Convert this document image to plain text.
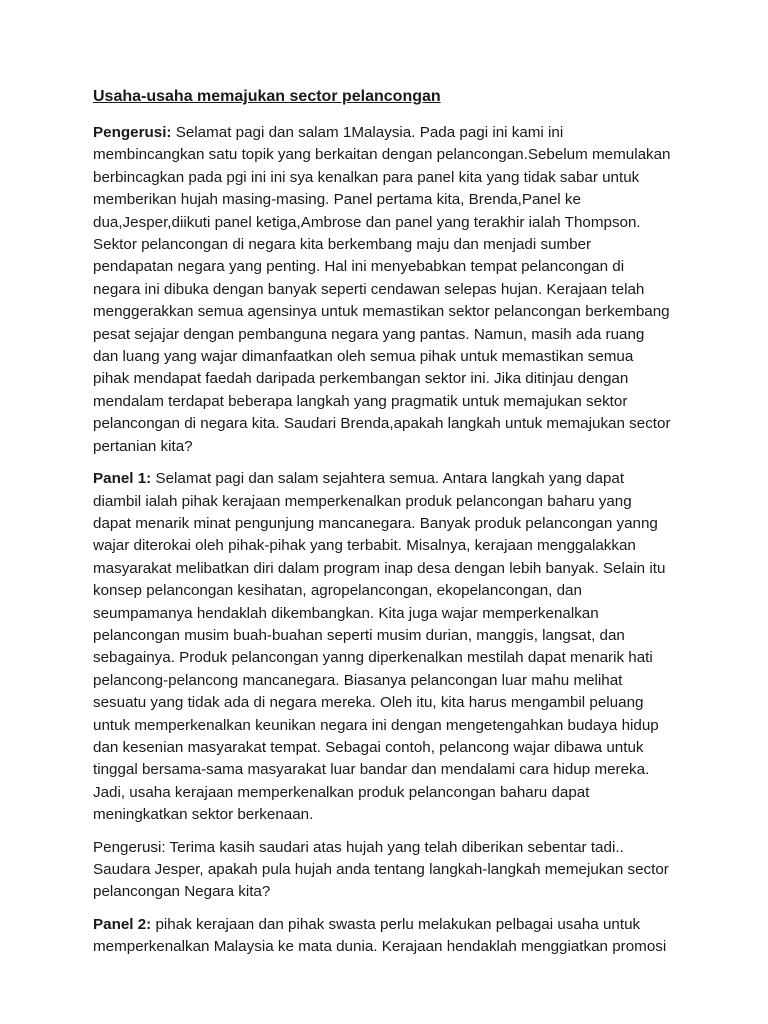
Usaha-usaha memajukan sector pelancongan

Pengerusi: Selamat pagi dan salam 1Malaysia. Pada pagi ini kami ini membincangkan satu topik yang berkaitan dengan pelancongan.Sebelum memulakan berbincagkan pada pgi ini ini sya kenalkan para panel kita yang tidak sabar untuk memberikan hujah masing-masing. Panel pertama kita, Brenda,Panel ke dua,Jesper,diikuti panel ketiga,Ambrose dan panel yang terakhir ialah Thompson. Sektor pelancongan di negara kita berkembang maju dan menjadi sumber pendapatan negara yang penting. Hal ini menyebabkan tempat pelancongan di negara ini dibuka dengan banyak seperti cendawan selepas hujan. Kerajaan telah menggerakkan semua agensinya untuk memastikan sektor pelancongan berkembang pesat sejajar dengan pembanguna negara yang pantas. Namun, masih ada ruang dan luang yang wajar dimanfaatkan oleh semua pihak untuk memastikan semua pihak mendapat faedah daripada perkembangan sektor ini. Jika ditinjau dengan mendalam terdapat beberapa langkah yang pragmatik untuk memajukan sektor pelancongan di negara kita. Saudari Brenda,apakah langkah untuk memajukan sector pertanian kita?

Panel 1: Selamat pagi dan salam sejahtera semua. Antara langkah yang dapat diambil ialah pihak kerajaan memperkenalkan produk pelancongan baharu yang dapat menarik minat pengunjung mancanegara. Banyak produk pelancongan yanng wajar diterokai oleh pihak-pihak yang terbabit. Misalnya, kerajaan menggalakkan masyarakat melibatkan diri dalam program inap desa dengan lebih banyak. Selain itu konsep pelancongan kesihatan, agropelancongan, ekopelancongan, dan seumpamanya hendaklah dikembangkan. Kita juga wajar memperkenalkan pelancongan musim buah-buahan seperti musim durian, manggis, langsat, dan sebagainya. Produk pelancongan yanng diperkenalkan mestilah dapat menarik hati pelancong-pelancong mancanegara. Biasanya pelancongan luar mahu melihat sesuatu yang tidak ada di negara mereka. Oleh itu, kita harus mengambil peluang untuk memperkenalkan keunikan negara ini dengan mengetengahkan budaya hidup dan kesenian masyarakat tempat. Sebagai contoh, pelancong wajar dibawa untuk tinggal bersama-sama masyarakat luar bandar dan mendalami cara hidup mereka. Jadi, usaha kerajaan memperkenalkan produk pelancongan baharu dapat meningkatkan sektor berkenaan.

Pengerusi: Terima kasih saudari atas hujah yang telah diberikan sebentar tadi.. Saudara Jesper, apakah pula hujah anda tentang langkah-langkah memejukan sector pelancongan Negara kita?

Panel 2: pihak kerajaan dan pihak swasta perlu melakukan pelbagai usaha untuk memperkenalkan Malaysia ke mata dunia. Kerajaan hendaklah menggiatkan promosi
